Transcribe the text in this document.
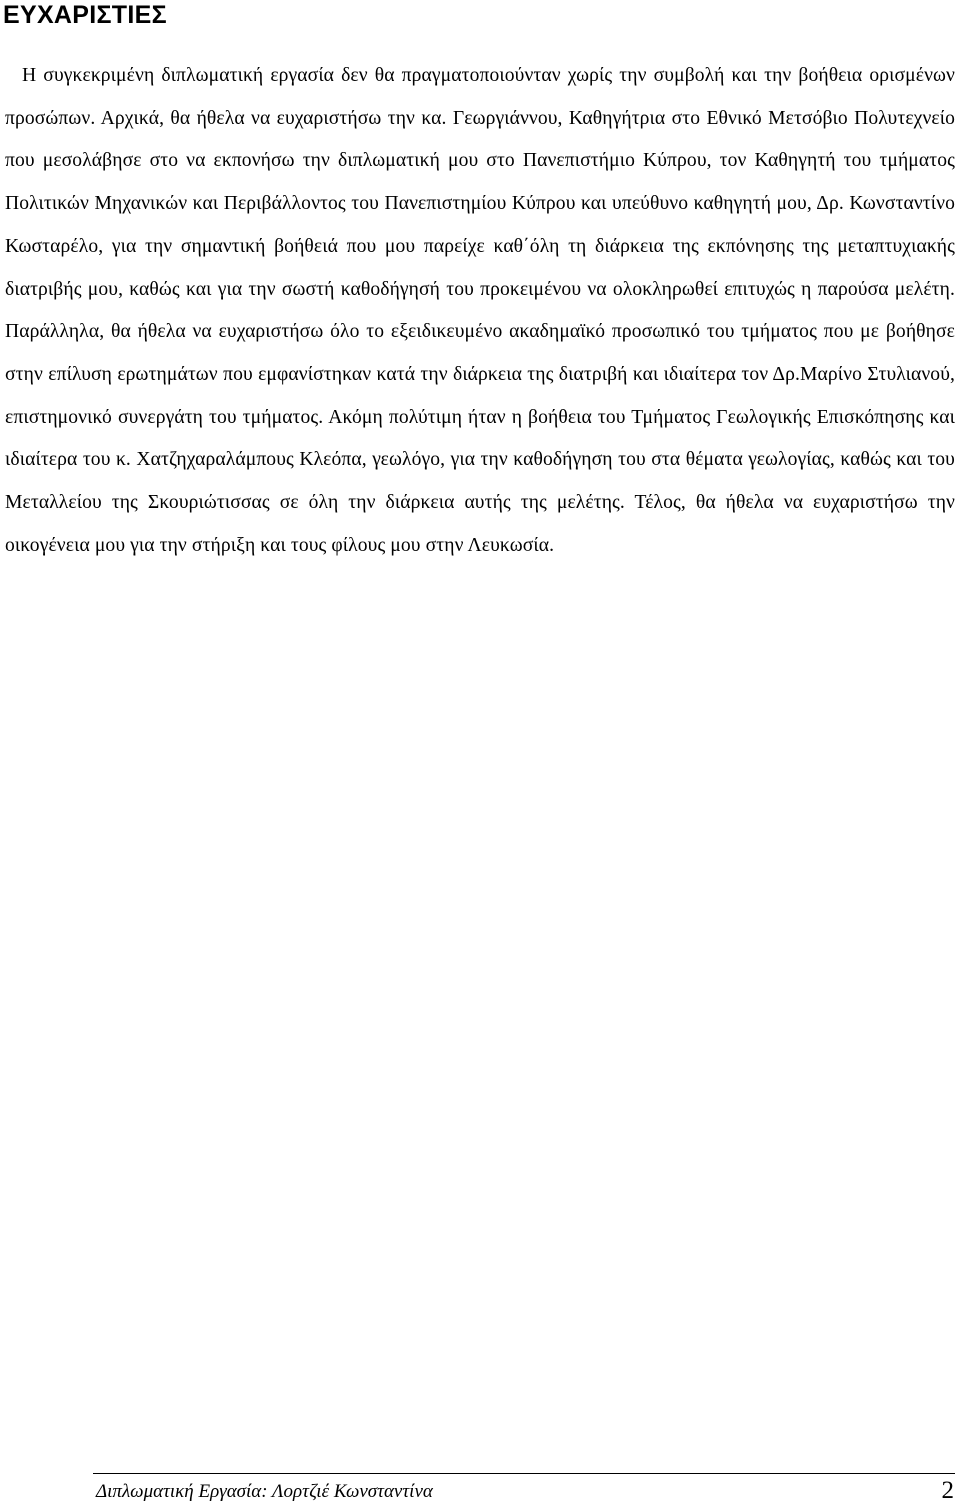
ΕΥΧΑΡΙΣΤΙΕΣ

Η συγκεκριμένη διπλωματική εργασία δεν θα πραγματοποιούνταν χωρίς την συμβολή και την βοήθεια ορισμένων προσώπων. Αρχικά, θα ήθελα να ευχαριστήσω την κα. Γεωργιάννου, Καθηγήτρια στο Εθνικό Μετσόβιο Πολυτεχνείο που μεσολάβησε στο να εκπονήσω την διπλωματική μου στο Πανεπιστήμιο Κύπρου, τον Καθηγητή του τμήματος Πολιτικών Μηχανικών και Περιβάλλοντος του Πανεπιστημίου Κύπρου και υπεύθυνο καθηγητή μου, Δρ. Κωνσταντίνο Κωσταρέλο, για την σημαντική βοήθειά που μου παρείχε καθ΄όλη τη διάρκεια της εκπόνησης της μεταπτυχιακής διατριβής μου, καθώς και για την σωστή καθοδήγησή του προκειμένου να ολοκληρωθεί επιτυχώς η παρούσα μελέτη. Παράλληλα, θα ήθελα να ευχαριστήσω όλο το εξειδικευμένο ακαδημαϊκό προσωπικό του τμήματος που με βοήθησε στην επίλυση ερωτημάτων που εμφανίστηκαν κατά την διάρκεια της διατριβή και ιδιαίτερα τον Δρ.Μαρίνο Στυλιανού, επιστημονικό συνεργάτη του τμήματος. Ακόμη πολύτιμη ήταν η βοήθεια του Τμήματος Γεωλογικής Επισκόπησης και ιδιαίτερα του κ. Χατζηχαραλάμπους Κλεόπα, γεωλόγο, για την καθοδήγηση του στα θέματα γεωλογίας, καθώς και του Μεταλλείου της Σκουριώτισσας σε όλη την διάρκεια αυτής της μελέτης. Τέλος, θα ήθελα να ευχαριστήσω την οικογένεια μου για την στήριξη και τους φίλους μου στην Λευκωσία.

Διπλωματική Εργασία: Λορτζιέ Κωνσταντίνα	2
